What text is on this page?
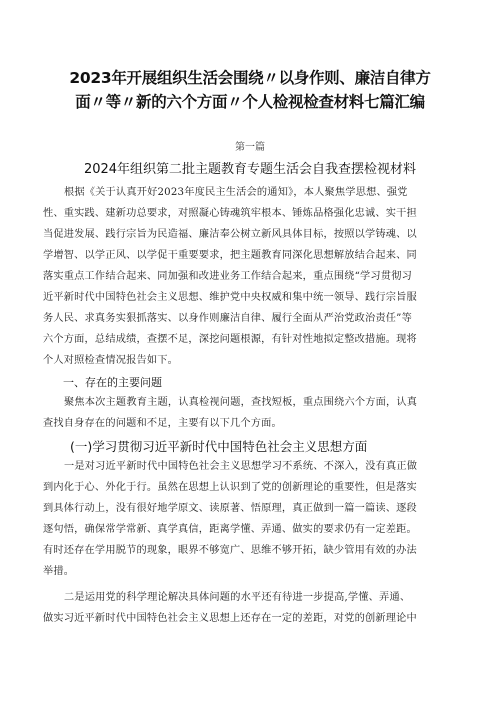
2023年开展组织生活会围绕〃以身作则、廉洁自律方
面〃等〃新的六个方面〃个人检视检查材料七篇汇编
第一篇
2024年组织第二批主题教育专题生活会自我查摆检视材料
根据《关于认真开好2023年度民主生活会的通知》，本人聚焦学思想、强党
性、重实践、建新功总要求，对照凝心铸魂筑牢根本、锤炼品格强化忠诚、实干担
当促进发展、践行宗旨为民造福、廉洁奉公树立新风具体目标，按照以学铸魂、以
学增智、以学正风、以学促干重要要求，把主题教育同深化思想解放结合起来、同
落实重点工作结合起来、同加强和改进业务工作结合起来，重点围绕“学习贯彻习
近平新时代中国特色社会主义思想、维护党中央权威和集中统一领导、践行宗旨服
务人民、求真务实狠抓落实、以身作则廉洁自律、履行全面从严治党政治责任”等
六个方面，总结成绩，查摆不足，深挖问题根源，有针对性地拟定整改措施。现将
个人对照检查情况报告如下。
一、存在的主要问题
聚焦本次主题教育主题，认真检视问题，查找短板，重点围绕六个方面，认真
查找自身存在的问题和不足，主要有以下几个方面。
(一)学习贯彻习近平新时代中国特色社会主义思想方面
一是对习近平新时代中国特色社会主义思想学习不系统、不深入，没有真正做
到内化于心、外化于行。虽然在思想上认识到了党的创新理论的重要性，但是落实
到具体行动上，没有很好地学原文、读原著、悟原理，真正做到一篇一篇读、逐段
逐句悟，确保常学常新、真学真信，距离学懂、弄通、做实的要求仍有一定差距。
有时还存在学用脱节的现象，眼界不够宽广、思维不够开拓，缺少管用有效的办法
举措。
二是运用党的科学理论解决具体问题的水平还有待进一步提高,学懂、弄通、
做实习近平新时代中国特色社会主义思想上还存在一定的差距，对党的创新理论中
